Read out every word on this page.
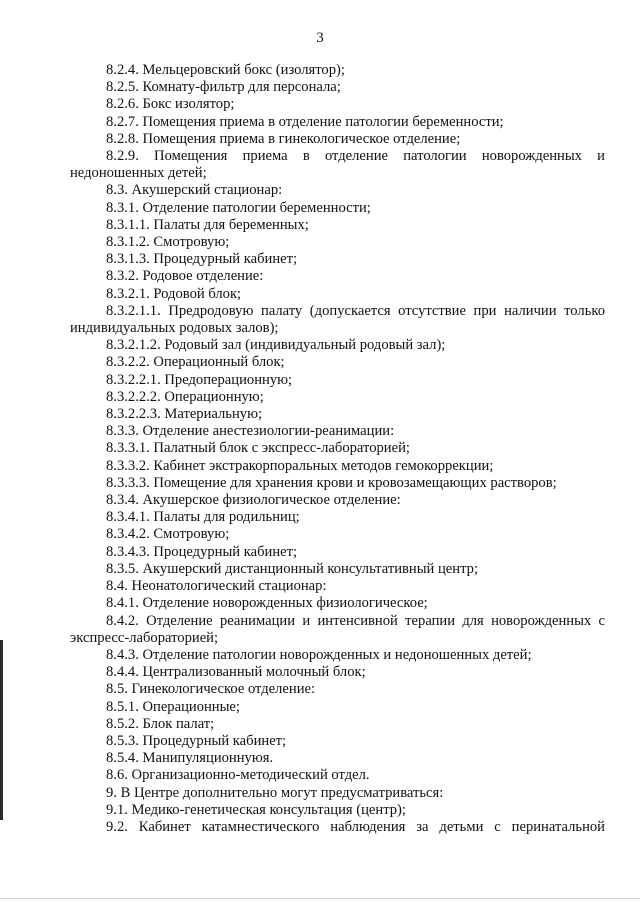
3

8.2.4. Мельцеровский бокс (изолятор);

8.2.5. Комнату-фильтр для персонала;

8.2.6. Бокс изолятор;

8.2.7. Помещения приема в отделение патологии беременности;

8.2.8. Помещения приема в гинекологическое отделение;

8.2.9. Помещения приема в отделение патологии новорожденных и недоношенных детей;

8.3. Акушерский стационар:

8.3.1. Отделение патологии беременности;

8.3.1.1. Палаты для беременных;

8.3.1.2. Смотровую;

8.3.1.3. Процедурный кабинет;

8.3.2. Родовое отделение:

8.3.2.1. Родовой блок;

8.3.2.1.1. Предродовую палату (допускается отсутствие при наличии только индивидуальных родовых залов);

8.3.2.1.2. Родовый зал (индивидуальный родовый зал);

8.3.2.2. Операционный блок;

8.3.2.2.1. Предоперационную;

8.3.2.2.2. Операционную;

8.3.2.2.3. Материальную;

8.3.3. Отделение анестезиологии-реанимации:

8.3.3.1. Палатный блок с экспресс-лабораторией;

8.3.3.2. Кабинет экстракорпоральных методов гемокоррекции;

8.3.3.3. Помещение для хранения крови и кровозамещающих растворов;

8.3.4. Акушерское физиологическое отделение:

8.3.4.1. Палаты для родильниц;

8.3.4.2. Смотровую;

8.3.4.3. Процедурный кабинет;

8.3.5. Акушерский дистанционный консультативный центр;

8.4. Неонатологический стационар:

8.4.1. Отделение новорожденных физиологическое;

8.4.2. Отделение реанимации и интенсивной терапии для новорожденных с экспресс-лабораторией;

8.4.3. Отделение патологии новорожденных и недоношенных детей;

8.4.4. Централизованный молочный блок;

8.5. Гинекологическое отделение:

8.5.1. Операционные;

8.5.2. Блок палат;

8.5.3. Процедурный кабинет;

8.5.4. Манипуляционнуюя.

8.6. Организационно-методический отдел.

9. В Центре дополнительно могут предусматриваться:

9.1. Медико-генетическая консультация (центр);

9.2. Кабинет катамнестического наблюдения за детьми с перинатальной
